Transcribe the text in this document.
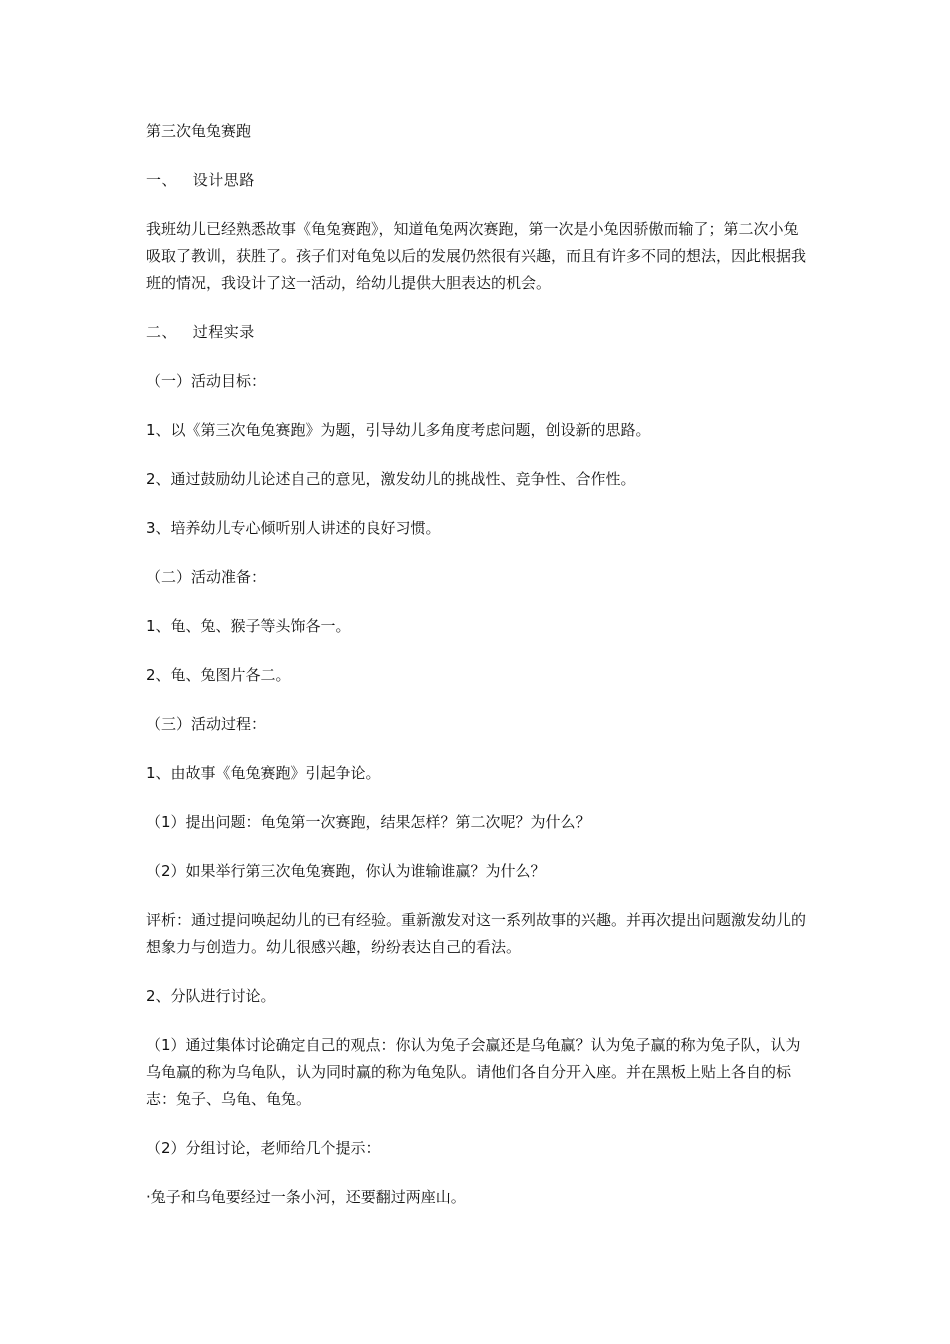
第三次龟兔赛跑

一、   设计思路

我班幼儿已经熟悉故事《龟兔赛跑》，知道龟兔两次赛跑，第一次是小兔因骄傲而输了；第二次小兔吸取了教训，获胜了。孩子们对龟兔以后的发展仍然很有兴趣，而且有许多不同的想法，因此根据我班的情况，我设计了这一活动，给幼儿提供大胆表达的机会。

二、   过程实录

（一）活动目标：

1、以《第三次龟兔赛跑》为题，引导幼儿多角度考虑问题，创设新的思路。

2、通过鼓励幼儿论述自己的意见，激发幼儿的挑战性、竞争性、合作性。

3、培养幼儿专心倾听别人讲述的良好习惯。

（二）活动准备：

1、龟、兔、猴子等头饰各一。

2、龟、兔图片各二。

（三）活动过程：

1、由故事《龟兔赛跑》引起争论。

（1）提出问题：龟兔第一次赛跑，结果怎样？第二次呢？为什么？

（2）如果举行第三次龟兔赛跑，你认为谁输谁赢？为什么？

评析：通过提问唤起幼儿的已有经验。重新激发对这一系列故事的兴趣。并再次提出问题激发幼儿的想象力与创造力。幼儿很感兴趣，纷纷表达自己的看法。

2、分队进行讨论。

（1）通过集体讨论确定自己的观点：你认为兔子会赢还是乌龟赢？认为兔子赢的称为兔子队，认为乌龟赢的称为乌龟队，认为同时赢的称为龟兔队。请他们各自分开入座。并在黑板上贴上各自的标志：兔子、乌龟、龟兔。

（2）分组讨论，老师给几个提示：

·兔子和乌龟要经过一条小河，还要翻过两座山。
